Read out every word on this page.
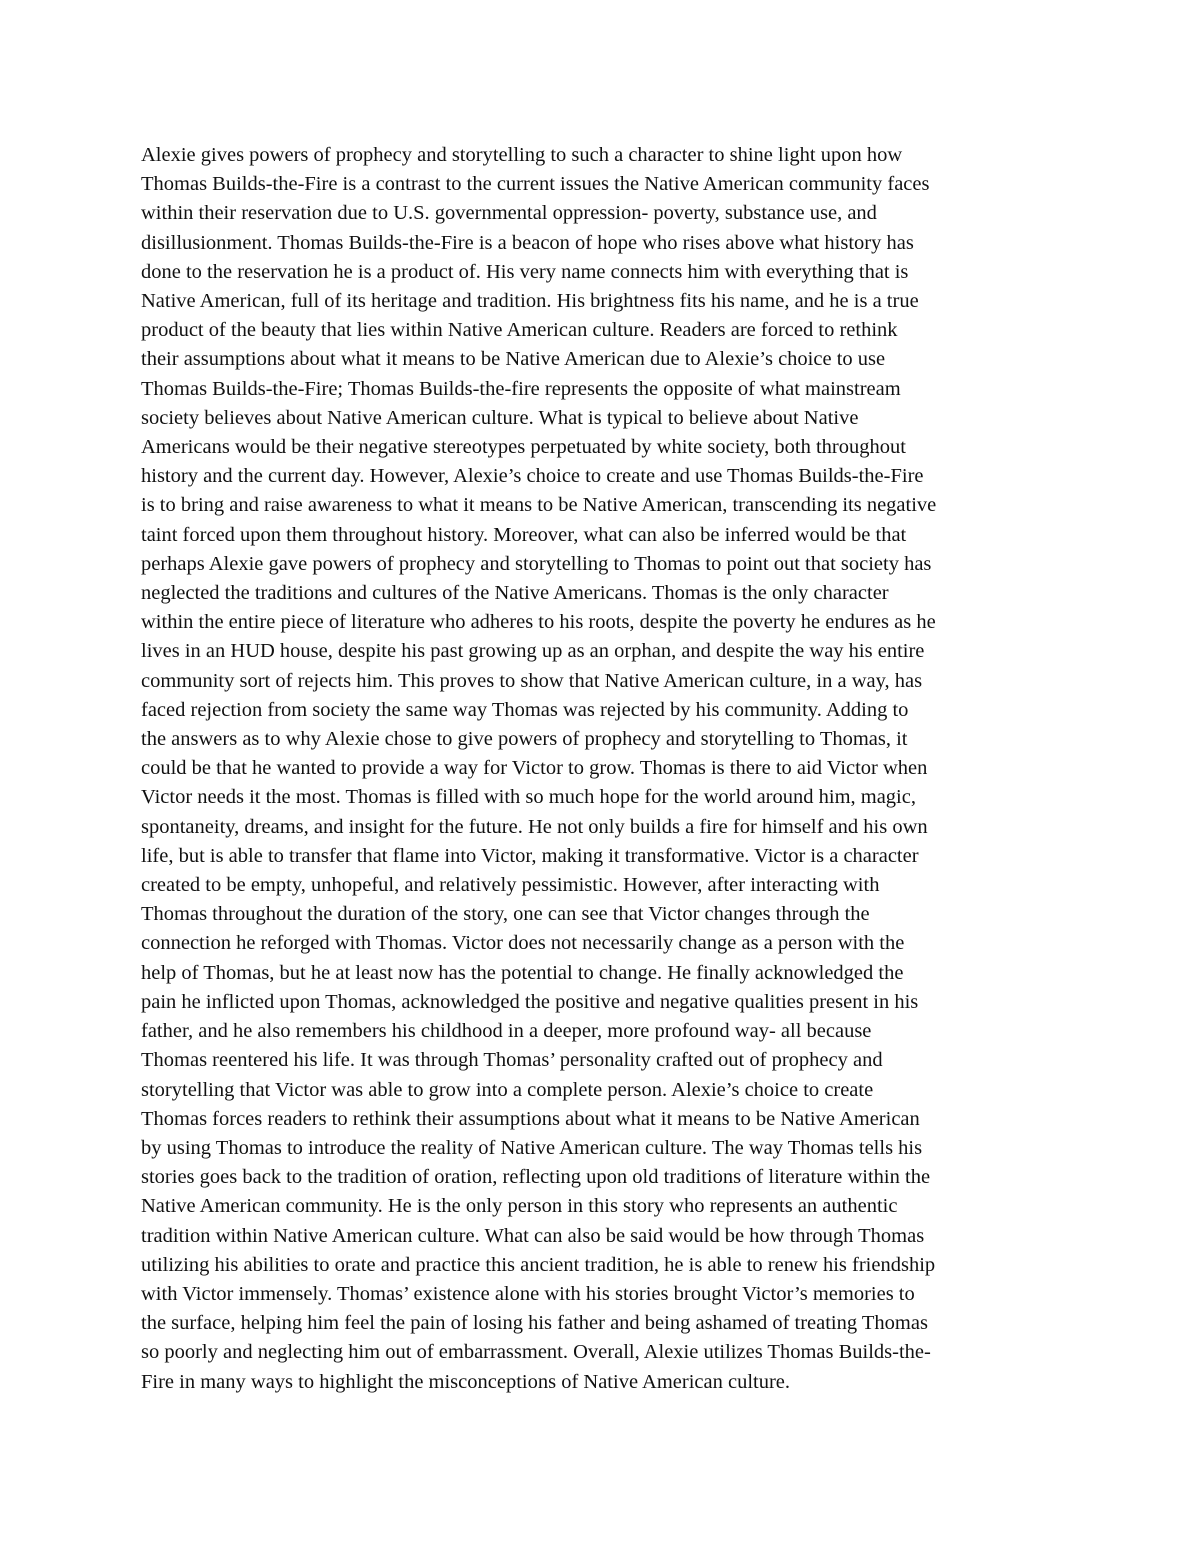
Alexie gives powers of prophecy and storytelling to such a character to shine light upon how
Thomas Builds-the-Fire is a contrast to the current issues the Native American community faces
within their reservation due to U.S. governmental oppression- poverty, substance use, and
disillusionment. Thomas Builds-the-Fire is a beacon of hope who rises above what history has
done to the reservation he is a product of. His very name connects him with everything that is
Native American, full of its heritage and tradition. His brightness fits his name, and he is a true
product of the beauty that lies within Native American culture. Readers are forced to rethink
their assumptions about what it means to be Native American due to Alexie’s choice to use
Thomas Builds-the-Fire; Thomas Builds-the-fire represents the opposite of what mainstream
society believes about Native American culture. What is typical to believe about Native
Americans would be their negative stereotypes perpetuated by white society, both throughout
history and the current day. However, Alexie’s choice to create and use Thomas Builds-the-Fire
is to bring and raise awareness to what it means to be Native American, transcending its negative
taint forced upon them throughout history. Moreover, what can also be inferred would be that
perhaps Alexie gave powers of prophecy and storytelling to Thomas to point out that society has
neglected the traditions and cultures of the Native Americans. Thomas is the only character
within the entire piece of literature who adheres to his roots, despite the poverty he endures as he
lives in an HUD house, despite his past growing up as an orphan, and despite the way his entire
community sort of rejects him. This proves to show that Native American culture, in a way, has
faced rejection from society the same way Thomas was rejected by his community. Adding to
the answers as to why Alexie chose to give powers of prophecy and storytelling to Thomas, it
could be that he wanted to provide a way for Victor to grow. Thomas is there to aid Victor when
Victor needs it the most. Thomas is filled with so much hope for the world around him, magic,
spontaneity, dreams, and insight for the future. He not only builds a fire for himself and his own
life, but is able to transfer that flame into Victor, making it transformative. Victor is a character
created to be empty, unhopeful, and relatively pessimistic. However, after interacting with
Thomas throughout the duration of the story, one can see that Victor changes through the
connection he reforged with Thomas. Victor does not necessarily change as a person with the
help of Thomas, but he at least now has the potential to change. He finally acknowledged the
pain he inflicted upon Thomas, acknowledged the positive and negative qualities present in his
father, and he also remembers his childhood in a deeper, more profound way- all because
Thomas reentered his life. It was through Thomas’ personality crafted out of prophecy and
storytelling that Victor was able to grow into a complete person. Alexie’s choice to create
Thomas forces readers to rethink their assumptions about what it means to be Native American
by using Thomas to introduce the reality of Native American culture. The way Thomas tells his
stories goes back to the tradition of oration, reflecting upon old traditions of literature within the
Native American community. He is the only person in this story who represents an authentic
tradition within Native American culture. What can also be said would be how through Thomas
utilizing his abilities to orate and practice this ancient tradition, he is able to renew his friendship
with Victor immensely. Thomas’ existence alone with his stories brought Victor’s memories to
the surface, helping him feel the pain of losing his father and being ashamed of treating Thomas
so poorly and neglecting him out of embarrassment. Overall, Alexie utilizes Thomas Builds-the-
Fire in many ways to highlight the misconceptions of Native American culture.
